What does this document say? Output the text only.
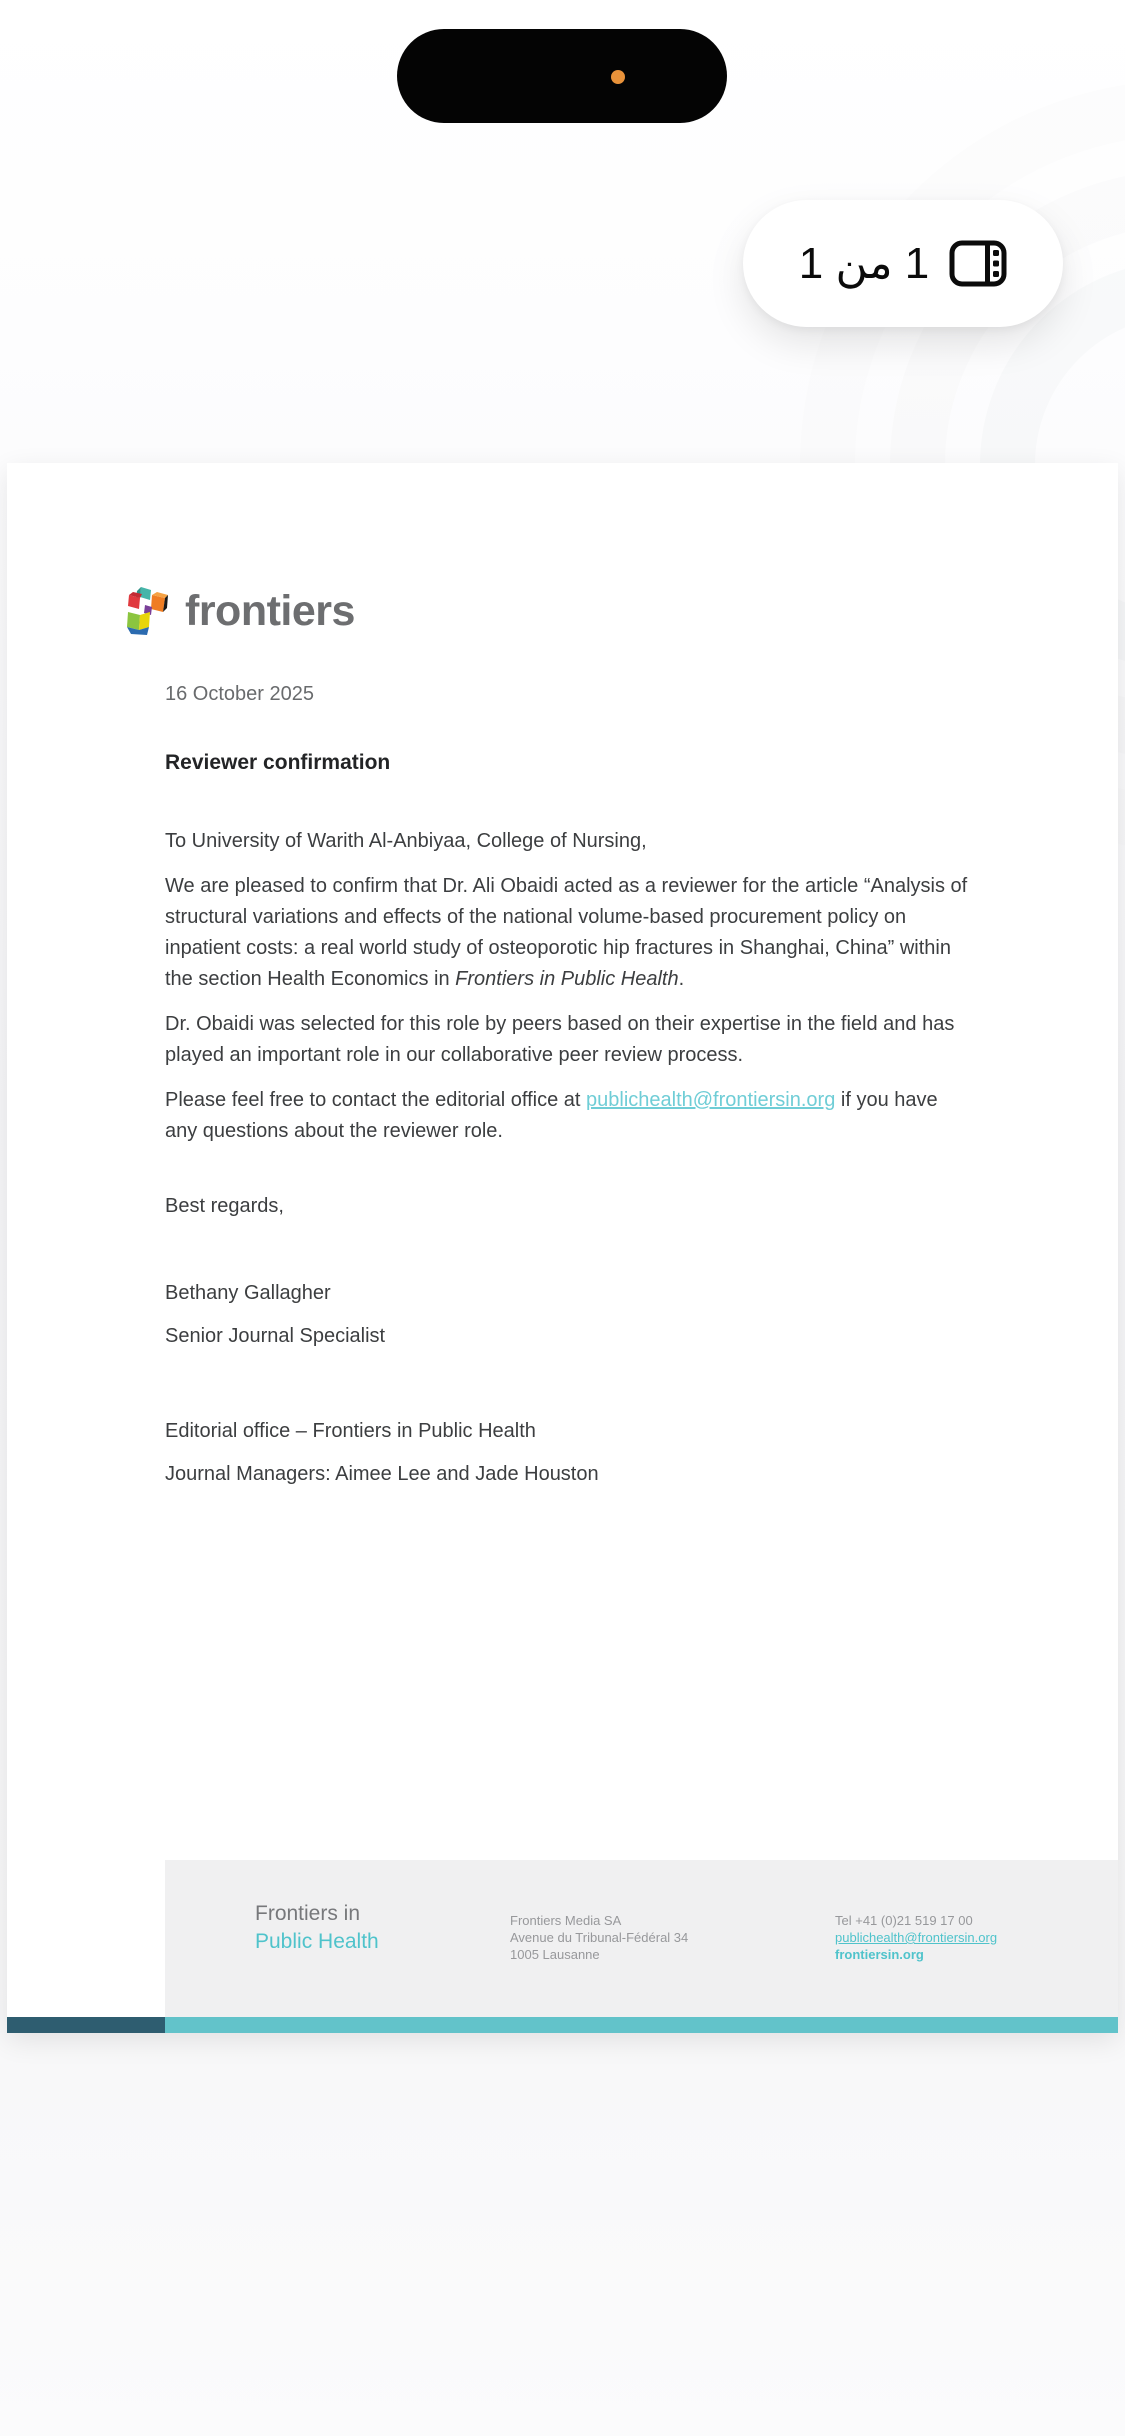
1 من 1
frontiers

16 October 2025

Reviewer confirmation

To University of Warith Al-Anbiyaa, College of Nursing,

We are pleased to confirm that Dr. Ali Obaidi acted as a reviewer for the article “Analysis of structural variations and effects of the national volume-based procurement policy on inpatient costs: a real world study of osteoporotic hip fractures in Shanghai, China” within the section Health Economics in Frontiers in Public Health.

Dr. Obaidi was selected for this role by peers based on their expertise in the field and has played an important role in our collaborative peer review process.

Please feel free to contact the editorial office at publichealth@frontiersin.org if you have any questions about the reviewer role.

Best regards,

Bethany Gallagher

Senior Journal Specialist

Editorial office – Frontiers in Public Health

Journal Managers: Aimee Lee and Jade Houston

Frontiers in
Public Health
Frontiers Media SA
Avenue du Tribunal-Fédéral 34
1005 Lausanne
Tel +41 (0)21 519 17 00
publichealth@frontiersin.org
frontiersin.org
